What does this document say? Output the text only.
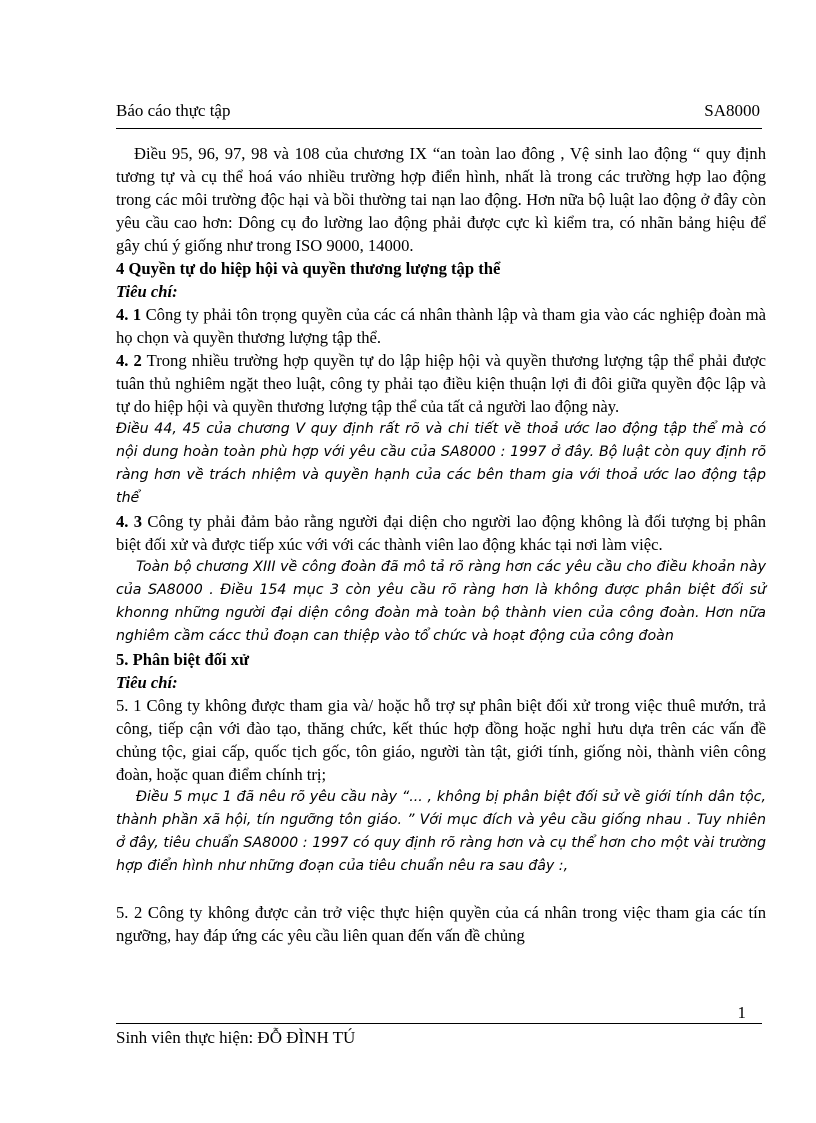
Báo cáo thực tập	SA8000

Điều 95, 96, 97, 98 và 108 của chương IX “an toàn lao đông , Vệ sinh lao động “ quy định tương tự và cụ thể hoá váo nhiều trường hợp điển hình, nhất là trong các trường hợp lao động trong các môi trường độc hại và bồi thường tai nạn lao động. Hơn nữa bộ luật lao động ở đây còn yêu cầu cao hơn: Dông cụ đo lường lao động phải được cực kì kiểm tra, có nhãn bảng hiệu để gây chú ý giống như trong ISO 9000, 14000.

4 Quyền tự do hiệp hội và quyền thương lượng tập thể

Tiêu chí:

4. 1 Công ty phải tôn trọng quyền của các cá nhân thành lập và tham gia vào các nghiệp đoàn mà họ chọn và quyền thương lượng tập thể.

4. 2 Trong nhiều trường hợp quyền tự do lập hiệp hội và quyền thương lượng tập thể phải được tuân thủ nghiêm ngặt theo luật, công ty phải tạo điều kiện thuận lợi đi đôi giữa quyền độc lập và tự do hiệp hội và quyền thương lượng tập thể của tất cả người lao động này.

Điều 44, 45 của chương V quy định rất rõ và chi tiết về thoả ước lao động tập thể mà có nội dung hoàn toàn phù hợp với yêu cầu của SA8000 : 1997 ở đây. Bộ luật còn quy định rõ ràng hơn về trách nhiệm và quyền hạnh của các bên tham gia với thoả ước lao động tập thể

4. 3 Công ty phải đảm bảo rằng người đại diện cho người lao động không là đối tượng bị phân biệt đối xử và được tiếp xúc với với các thành viên lao động khác tại nơi làm việc.

Toàn bộ chương XIII về công đoàn đã mô tả rõ ràng hơn các yêu cầu cho điều khoản này của SA8000 . Điều 154 mục 3 còn yêu cầu rõ ràng hơn là không được phân biệt đối sử khonng những người đại diện công đoàn mà toàn bộ thành vien của công đoàn. Hơn nữa nghiêm cầm cácc thủ đoạn can thiệp vào tổ chức và hoạt động của công đoàn

5. Phân biệt đối xử

Tiêu chí:

5. 1 Công ty không được tham gia và/ hoặc hỗ trợ sự phân biệt đối xử trong việc thuê mướn, trả công, tiếp cận với đào tạo, thăng chức, kết thúc hợp đồng hoặc nghỉ hưu dựa trên các vấn đề chủng tộc, giai cấp, quốc tịch gốc, tôn giáo, người tàn tật, giới tính, giống nòi, thành viên công đoàn, hoặc quan điểm chính trị;

Điều 5 mục 1 đã nêu rõ yêu cầu này “... , không bị phân biệt đối sử về giới tính dân tộc, thành phần xã hội, tín ngưỡng tôn giáo. ” Với mục đích và yêu cầu giống nhau . Tuy nhiên ở đây, tiêu chuẩn SA8000 : 1997 có quy định rõ ràng hơn và cụ thể hơn cho một vài trường hợp điển hình như những đoạn của tiêu chuẩn nêu ra sau đây :,

5. 2 Công ty không được cản trở việc thực hiện quyền của cá nhân trong việc tham gia các tín ngưỡng, hay đáp ứng các yêu cầu liên quan đến vấn đề chủng

1
Sinh viên thực hiện: ĐỖ ĐÌNH TÚ
